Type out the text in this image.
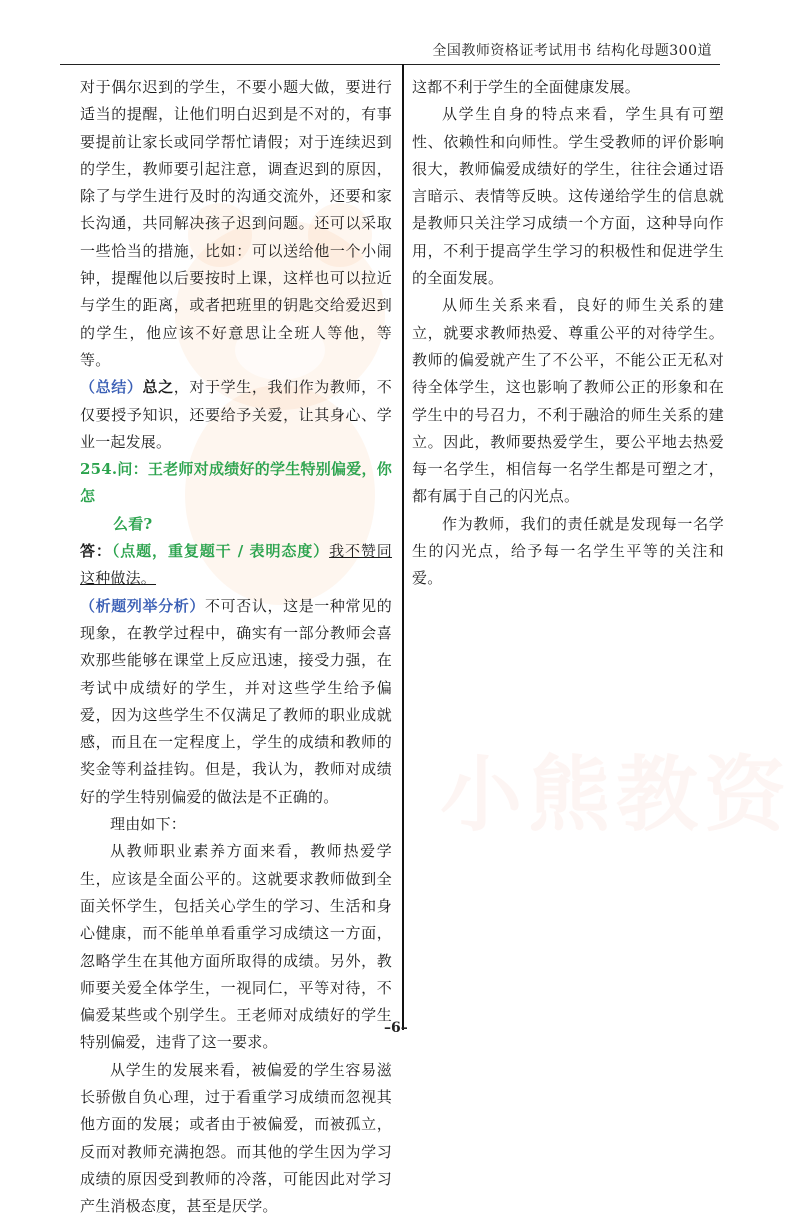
全国教师资格证考试用书 结构化母题300道
小熊教资

对于偶尔迟到的学生，不要小题大做，要进行适当的提醒，让他们明白迟到是不对的，有事要提前让家长或同学帮忙请假；对于连续迟到的学生，教师要引起注意，调查迟到的原因，除了与学生进行及时的沟通交流外，还要和家长沟通，共同解决孩子迟到问题。还可以采取一些恰当的措施，比如：可以送给他一个小闹钟，提醒他以后要按时上课，这样也可以拉近与学生的距离，或者把班里的钥匙交给爱迟到的学生，他应该不好意思让全班人等他，等等。

（总结）总之，对于学生，我们作为教师，不仅要授予知识，还要给予关爱，让其身心、学业一起发展。

254.问：王老师对成绩好的学生特别偏爱，你怎

么看?

答：（点题，重复题干 / 表明态度）我不赞同这种做法。

（析题列举分析）不可否认，这是一种常见的现象，在教学过程中，确实有一部分教师会喜欢那些能够在课堂上反应迅速，接受力强，在考试中成绩好的学生，并对这些学生给予偏爱，因为这些学生不仅满足了教师的职业成就感，而且在一定程度上，学生的成绩和教师的奖金等利益挂钩。但是，我认为，教师对成绩好的学生特别偏爱的做法是不正确的。

理由如下：

从教师职业素养方面来看，教师热爱学生，应该是全面公平的。这就要求教师做到全面关怀学生，包括关心学生的学习、生活和身心健康，而不能单单看重学习成绩这一方面，忽略学生在其他方面所取得的成绩。另外，教师要关爱全体学生，一视同仁，平等对待，不偏爱某些或个别学生。王老师对成绩好的学生特别偏爱，违背了这一要求。

从学生的发展来看，被偏爱的学生容易滋长骄傲自负心理，过于看重学习成绩而忽视其他方面的发展；或者由于被偏爱，而被孤立，反而对教师充满抱怨。而其他的学生因为学习成绩的原因受到教师的冷落，可能因此对学习产生消极态度，甚至是厌学。

这都不利于学生的全面健康发展。

从学生自身的特点来看，学生具有可塑性、依赖性和向师性。学生受教师的评价影响很大，教师偏爱成绩好的学生，往往会通过语言暗示、表情等反映。这传递给学生的信息就是教师只关注学习成绩一个方面，这种导向作用，不利于提高学生学习的积极性和促进学生的全面发展。

从师生关系来看，良好的师生关系的建立，就要求教师热爱、尊重公平的对待学生。教师的偏爱就产生了不公平，不能公正无私对待全体学生，这也影响了教师公正的形象和在学生中的号召力，不利于融洽的师生关系的建立。因此，教师要热爱学生，要公平地去热爱每一名学生，相信每一名学生都是可塑之才，都有属于自己的闪光点。

作为教师，我们的责任就是发现每一名学生的闪光点，给予每一名学生平等的关注和爱。

–6–
